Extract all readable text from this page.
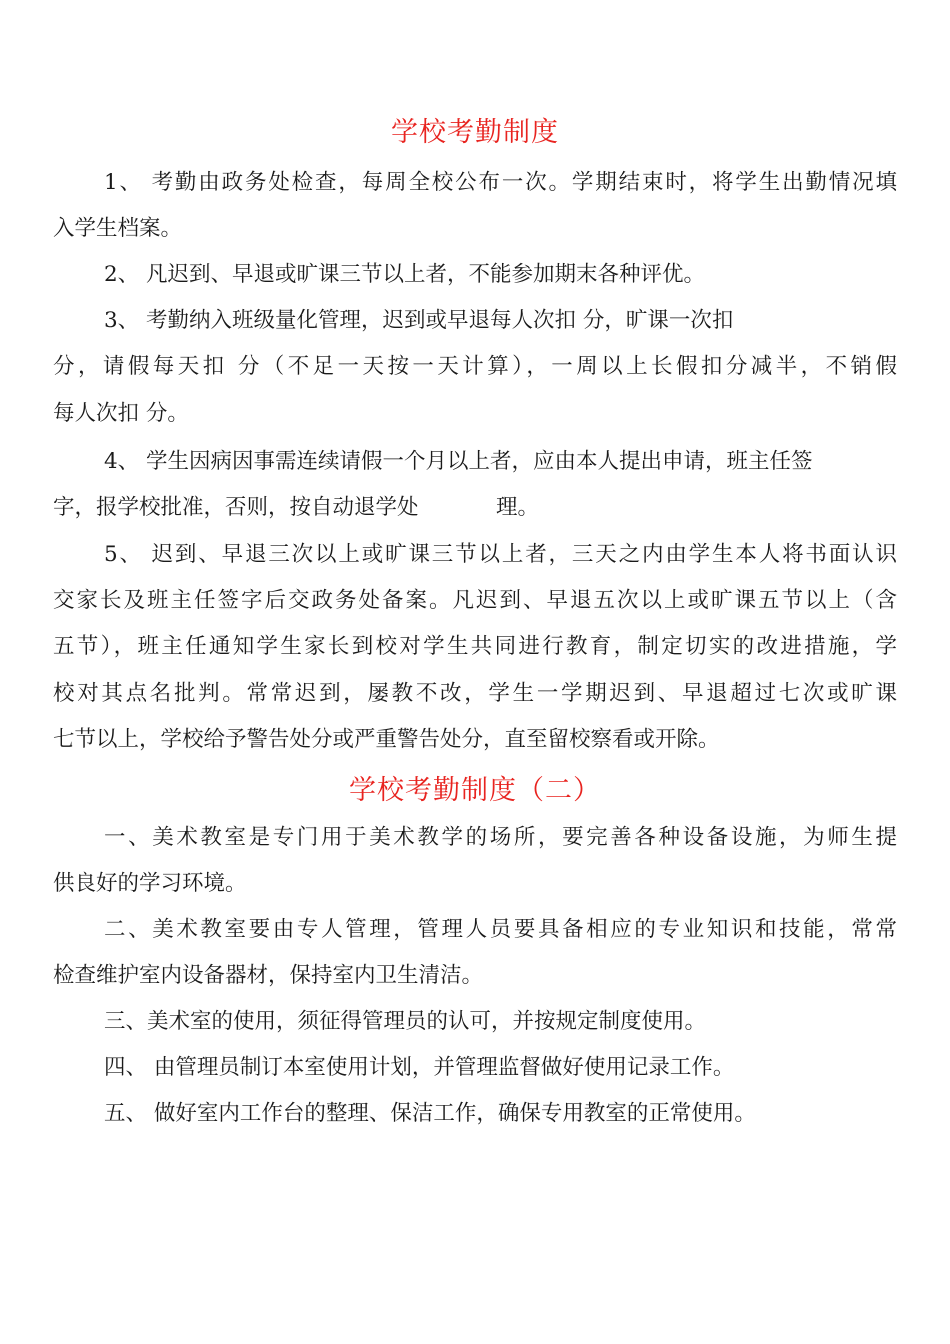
学校考勤制度
1、 考勤由政务处检查，每周全校公布一次。学期结束时，将学生出勤情况填
入学生档案。
2、 凡迟到、早退或旷课三节以上者，不能参加期末各种评优。
3、 考勤纳入班级量化管理，迟到或早退每人次扣 分，旷课一次扣
分，请假每天扣 分（不足一天按一天计算），一周以上长假扣分减半，不销假
每人次扣 分。
4、 学生因病因事需连续请假一个月以上者，应由本人提出申请，班主任签
字，报学校批准，否则，按自动退学处	理。
5、 迟到、早退三次以上或旷课三节以上者，三天之内由学生本人将书面认识
交家长及班主任签字后交政务处备案。凡迟到、早退五次以上或旷课五节以上（含
五节），班主任通知学生家长到校对学生共同进行教育，制定切实的改进措施，学
校对其点名批判。常常迟到，屡教不改，学生一学期迟到、早退超过七次或旷课
七节以上，学校给予警告处分或严重警告处分，直至留校察看或开除。
学校考勤制度（二）
一、美术教室是专门用于美术教学的场所，要完善各种设备设施，为师生提
供良好的学习环境。
二、美术教室要由专人管理，管理人员要具备相应的专业知识和技能，常常
检查维护室内设备器材，保持室内卫生清洁。
三、美术室的使用，须征得管理员的认可，并按规定制度使用。
四、 由管理员制订本室使用计划，并管理监督做好使用记录工作。
五、 做好室内工作台的整理、保洁工作，确保专用教室的正常使用。
